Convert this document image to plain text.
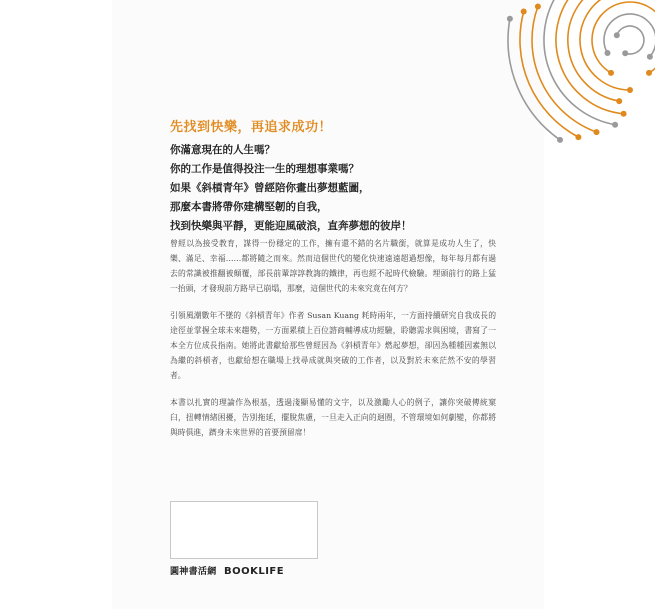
先找到快樂，再追求成功！
你滿意現在的人生嗎？
你的工作是值得投注一生的理想事業嗎？
如果《斜槓青年》曾經陪你畫出夢想藍圖，
那麼本書將帶你建構堅韌的自我，
找到快樂與平靜，更能迎風破浪，直奔夢想的彼岸！

曾經以為接受教育，謀得一份穩定的工作，擁有還不錯的名片職銜，就算是成功人生了，快樂、滿足、幸福……都將隨之而來。然而這個世代的變化快速遠遠超過想像，每年每月都有過去的常識被推翻被顛覆，部長前輩諄諄教誨的鐵律，再也經不起時代檢驗。埋頭前行的路上猛一抬頭，才發現前方路早已崩塌，那麼，這個世代的未來究竟在何方？

引領風潮數年不墜的《斜槓青年》作者 Susan Kuang 耗時兩年，一方面持續研究自我成長的途徑並掌握全球未來趨勢，一方面累積上百位諮商輔導成功經驗，聆聽需求與困境，書寫了一本全方位成長指南。她將此書獻給那些曾經因為《斜槓青年》燃起夢想，卻因為種種因素無以為繼的斜槓者，也獻給想在職場上找尋成就與突破的工作者，以及對於未來茫然不安的學習者。

本書以扎實的理論作為根基，透過淺顯易懂的文字，以及激勵人心的例子，讓你突破傳統窠臼，扭轉情緒困擾，告別拖延，擺脫焦慮，一旦走入正向的迴圈，不管環境如何劇變，你都將與時俱進，躋身未來世界的首要預留席！

圓神書活網 BOOKLIFE
